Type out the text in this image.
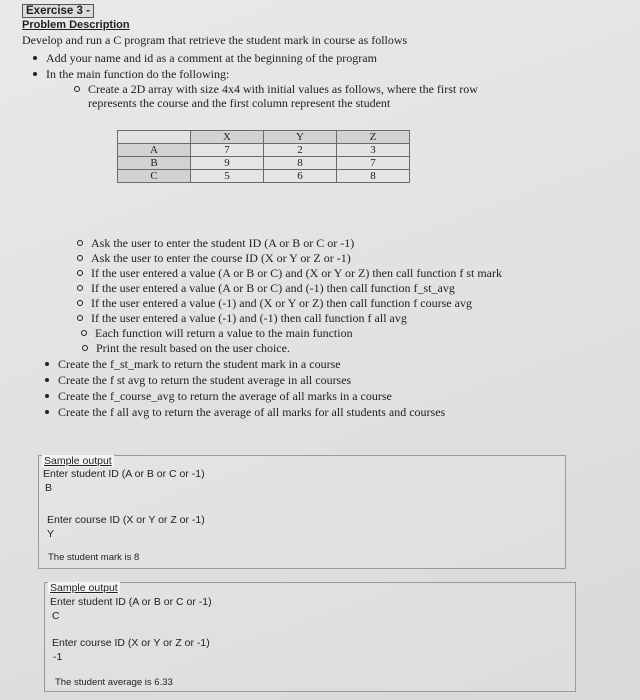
Exercise 3 -
Problem Description
Develop and run a C program that retrieve the student mark in course as follows
Add your name and id as a comment at the beginning of the program
In the main function do the following:
Create a 2D array with size 4x4 with initial values as follows, where the first row
represents the course and the first column represent the student
	X	Y	Z
A	7	2	3
B	9	8	7
C	5	6	8
Ask the user to enter the student ID (A or B or C or -1)
Ask the user to enter the course ID (X or Y or Z or -1)
If the user entered a value (A or B or C) and (X or Y or Z) then call function f st mark
If the user entered a value (A or B or C) and (-1) then call function f_st_avg
If the user entered a value (-1) and (X or Y or Z) then call function f course avg
If the user entered a value (-1) and (-1) then call function f all avg
Each function will return a value to the main function
Print the result based on the user choice.
Create the f_st_mark to return the student mark in a course
Create the f st avg to return the student average in all courses
Create the f_course_avg to return the average of all marks in a course
Create the f all avg to return the average of all marks for all students and courses
Sample output
Enter student ID (A or B or C or -1)
B
Enter course ID (X or Y or Z or -1)
Y
The student mark is 8
Sample output
Enter student ID (A or B or C or -1)
C
Enter course ID (X or Y or Z or -1)
-1
The student average is 6.33
